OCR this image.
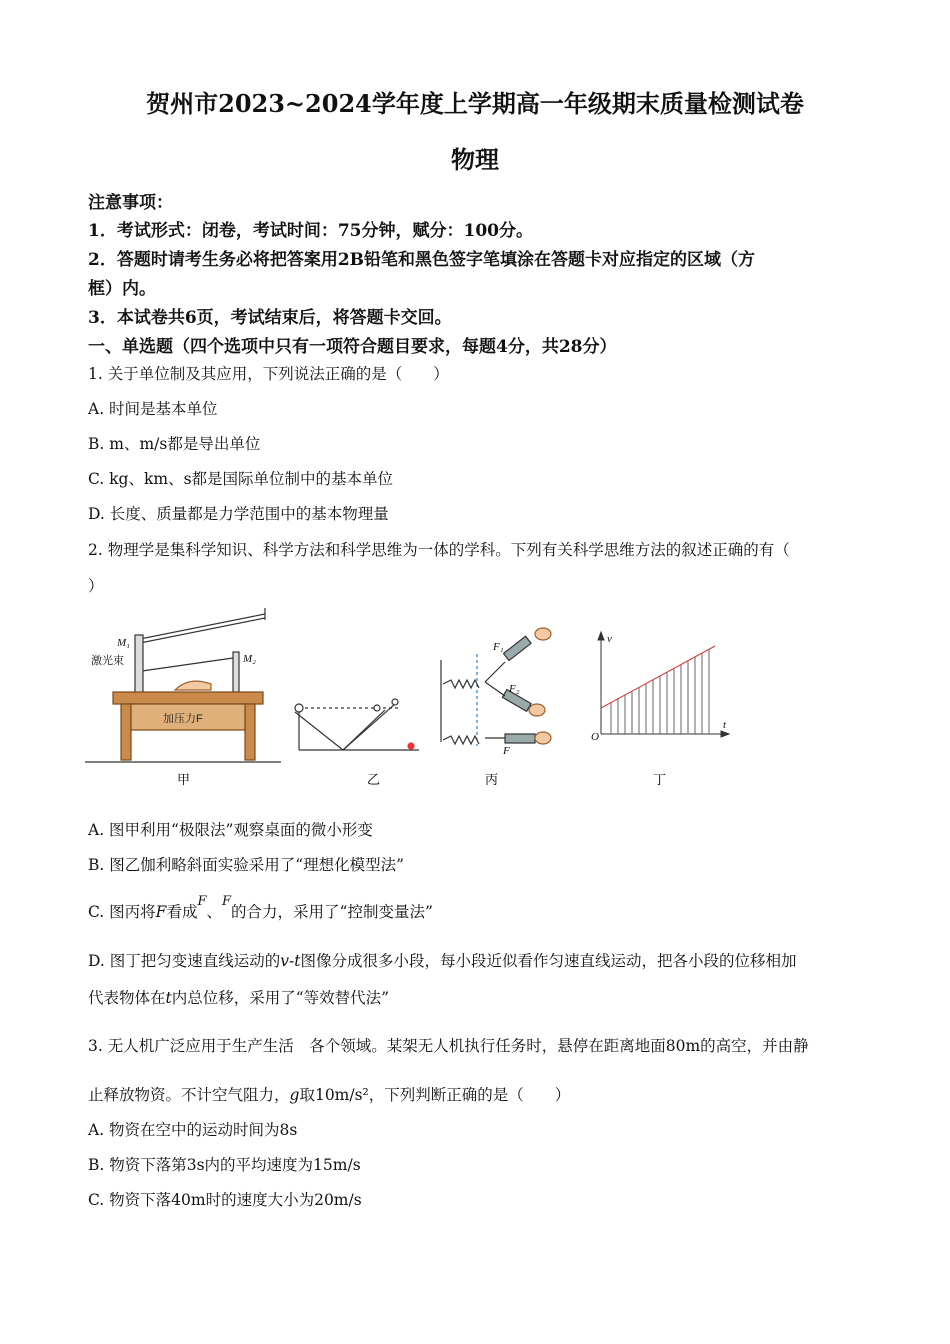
贺州市2023~2024学年度上学期高一年级期末质量检测试卷
物理
注意事项：
1．考试形式：闭卷，考试时间：75分钟，赋分：100分。
2．答题时请考生务必将把答案用2B铅笔和黑色签字笔填涂在答题卡对应指定的区域（方
框）内。
3．本试卷共6页，考试结束后，将答题卡交回。
一、单选题（四个选项中只有一项符合题目要求，每题4分，共28分）
1. 关于单位制及其应用，下列说法正确的是（　　）
A. 时间是基本单位
B. m、m/s都是导出单位
C. kg、km、s都是国际单位制中的基本单位
D. 长度、质量都是力学范围中的基本物理量
2. 物理学是集科学知识、科学方法和科学思维为一体的学科。下列有关科学思维方法的叙述正确的有（
）
激光束
M₁
M₂
加压力F
F₁
F₂
F
v
O
t
甲	乙	丙	丁
A. 图甲利用“极限法”观察桌面的微小形变
B. 图乙伽利略斜面实验采用了“理想化模型法”
C. 图丙将F看成$^F$、$^F$的合力，采用了“控制变量法”
D. 图丁把匀变速直线运动的v-t图像分成很多小段，每小段近似看作匀速直线运动，把各小段的位移相加
代表物体在t内总位移，采用了“等效替代法”
3. 无人机广泛应用于生产生活　各个领域。某架无人机执行任务时，悬停在距离地面80m的高空，并由静
止释放物资。不计空气阻力，g取10m/s²，下列判断正确的是（　　）
A. 物资在空中的运动时间为8s
B. 物资下落第3s内的平均速度为15m/s
C. 物资下落40m时的速度大小为20m/s
